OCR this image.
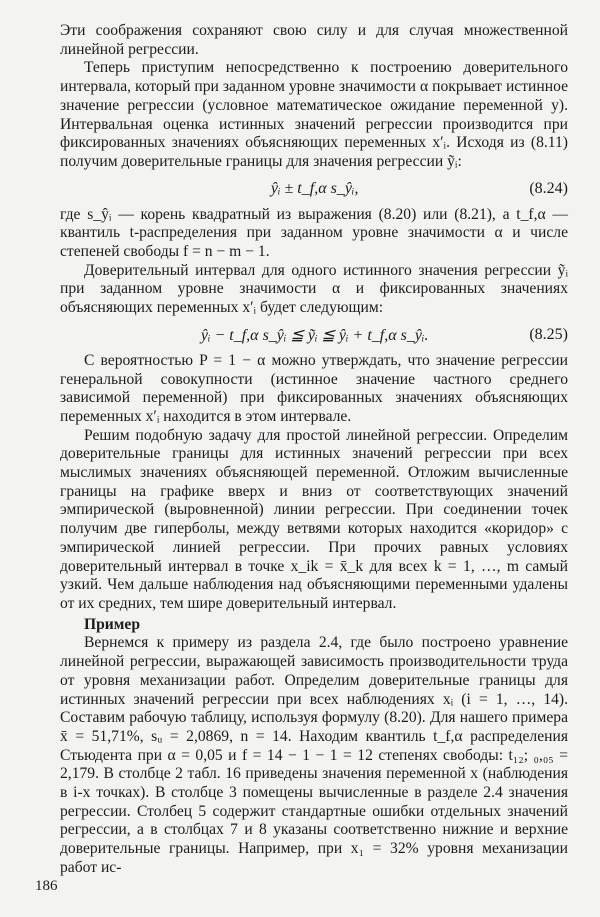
Эти соображения сохраняют свою силу и для случая множественной линейной регрессии.

Теперь приступим непосредственно к построению доверительного интервала, который при заданном уровне значимости α покрывает истинное значение регрессии (условное математическое ожидание переменной y). Интервальная оценка истинных значений регрессии производится при фиксированных значениях объясняющих переменных x′ᵢ. Исходя из (8.11) получим доверительные границы для значения регрессии ỹᵢ:

ŷᵢ ± t_f,α s_ŷᵢ,	(8.24)

где s_ŷᵢ — корень квадратный из выражения (8.20) или (8.21), а t_f,α — квантиль t-распределения при заданном уровне значимости α и числе степеней свободы f = n − m − 1.

Доверительный интервал для одного истинного значения регрессии ỹᵢ при заданном уровне значимости α и фиксированных значениях объясняющих переменных x′ᵢ будет следующим:

ŷᵢ − t_f,α s_ŷᵢ ≦ ỹᵢ ≦ ŷᵢ + t_f,α s_ŷᵢ.	(8.25)

С вероятностью P = 1 − α можно утверждать, что значение регрессии генеральной совокупности (истинное значение частного среднего зависимой переменной) при фиксированных значениях объясняющих переменных x′ᵢ находится в этом интервале.

Решим подобную задачу для простой линейной регрессии. Определим доверительные границы для истинных значений регрессии при всех мыслимых значениях объясняющей переменной. Отложим вычисленные границы на графике вверх и вниз от соответствующих значений эмпирической (выровненной) линии регрессии. При соединении точек получим две гиперболы, между ветвями которых находится «коридор» с эмпирической линией регрессии. При прочих равных условиях доверительный интервал в точке x_ik = x̄_k для всех k = 1, …, m самый узкий. Чем дальше наблюдения над объясняющими переменными удалены от их средних, тем шире доверительный интервал.

Пример

Вернемся к примеру из раздела 2.4, где было построено уравнение линейной регрессии, выражающей зависимость производительности труда от уровня механизации работ. Определим доверительные границы для истинных значений регрессии при всех наблюдениях xᵢ (i = 1, …, 14). Составим рабочую таблицу, используя формулу (8.20). Для нашего примера x̄ = 51,71%, sᵤ = 2,0869, n = 14. Находим квантиль t_f,α распределения Стьюдента при α = 0,05 и f = 14 − 1 − 1 = 12 степенях свободы: t₁₂; ₀,₀₅ = 2,179. В столбце 2 табл. 16 приведены значения переменной x (наблюдения в i-х точках). В столбце 3 помещены вычисленные в разделе 2.4 значения регрессии. Столбец 5 содержит стандартные ошибки отдельных значений регрессии, а в столбцах 7 и 8 указаны соответственно нижние и верхние доверительные границы. Например, при x₁ = 32% уровня механизации работ ис-

186
